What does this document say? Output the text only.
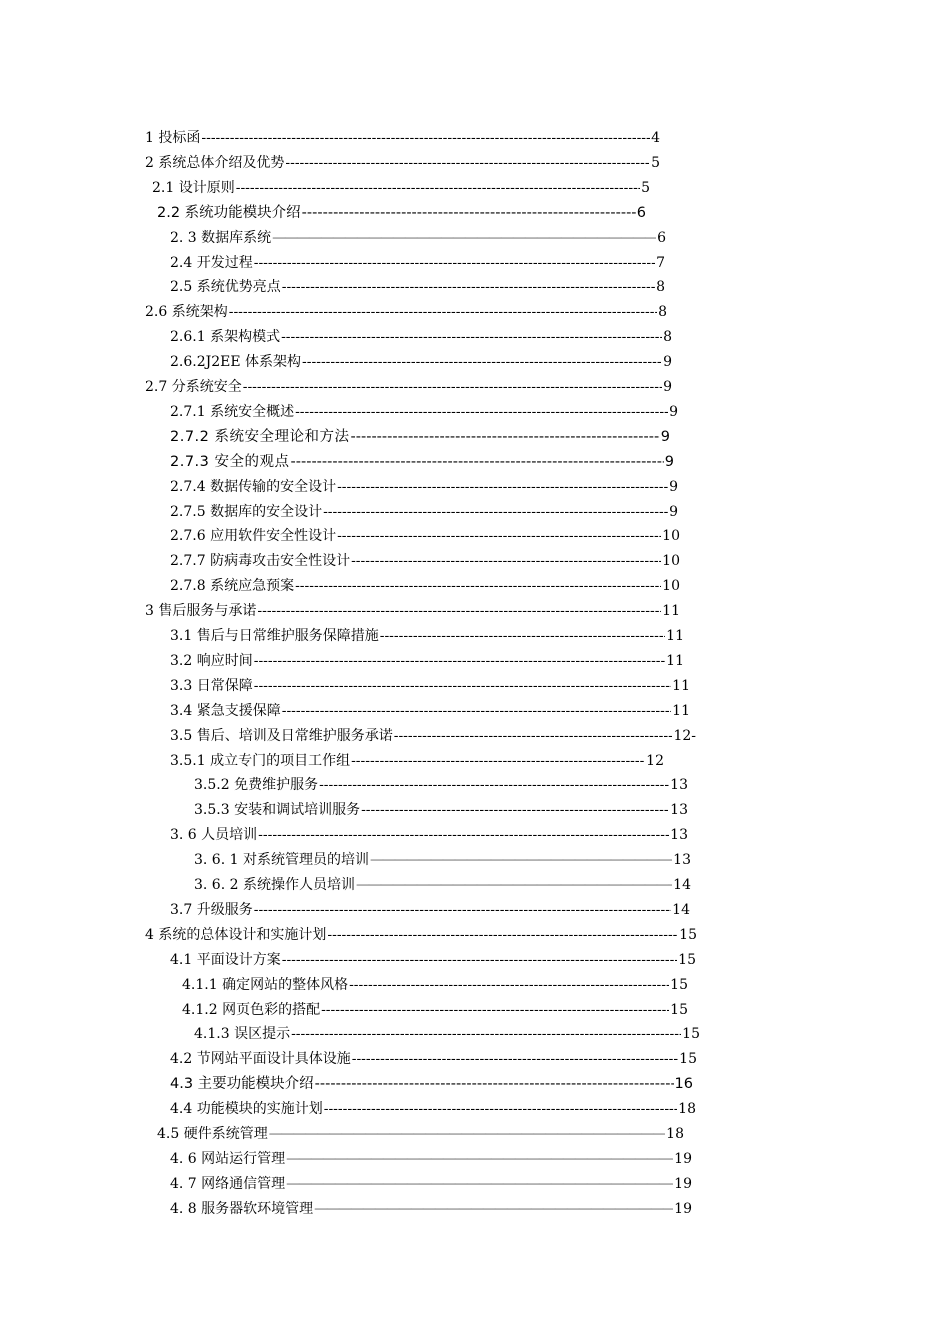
1 投标函 -----	4
2 系统总体介绍及优势 -----	5
2.1 设计原则 -----	5
2.2 系统功能模块介绍 -----	6
2. 3 数据库系统 —————	6
2.4 开发过程 -----	7
2.5 系统优势亮点 -----	8
2.6 系统架构 -----	8
2.6.1 系架构模式 -----	8
2.6.2J2EE 体系架构 -----	9
2.7 分系统安全 -----	9
2.7.1 系统安全概述 -----	9
2.7.2 系统安全理论和方法 -----	9
2.7.3 安全的观点 -----	9
2.7.4 数据传输的安全设计 -----	9
2.7.5 数据库的安全设计 -----	9
2.7.6 应用软件安全性设计 -----	10
2.7.7 防病毒攻击安全性设计 -----	10
2.7.8 系统应急预案 -----	10
3 售后服务与承诺 -----	11
3.1 售后与日常维护服务保障措施 -----	11
3.2 响应时间 -----	11
3.3 日常保障 -----	11
3.4 紧急支援保障 -----	11
3.5 售后、培训及日常维护服务承诺 -----	12-
3.5.1 成立专门的项目工作组 -----	12
3.5.2 免费维护服务 -----	13
3.5.3 安装和调试培训服务 -----	13
3. 6 人员培训 -----	13
3. 6. 1 对系统管理员的培训 —————	13
3. 6. 2 系统操作人员培训 —————	14
3.7 升级服务 -----	14
4 系统的总体设计和实施计划 -----	15
4.1 平面设计方案 -----	15
4.1.1 确定网站的整体风格 -----	15
4.1.2 网页色彩的搭配 -----	15
4.1.3 误区提示 -----	15
4.2 节网站平面设计具体设施 -----	15
4.3 主要功能模块介绍 -----	16
4.4 功能模块的实施计划 -----	18
4.5 硬件系统管理 —————	18
4. 6 网站运行管理 —————	19
4. 7 网络通信管理 —————	19
4. 8 服务器软环境管理 —————	19
